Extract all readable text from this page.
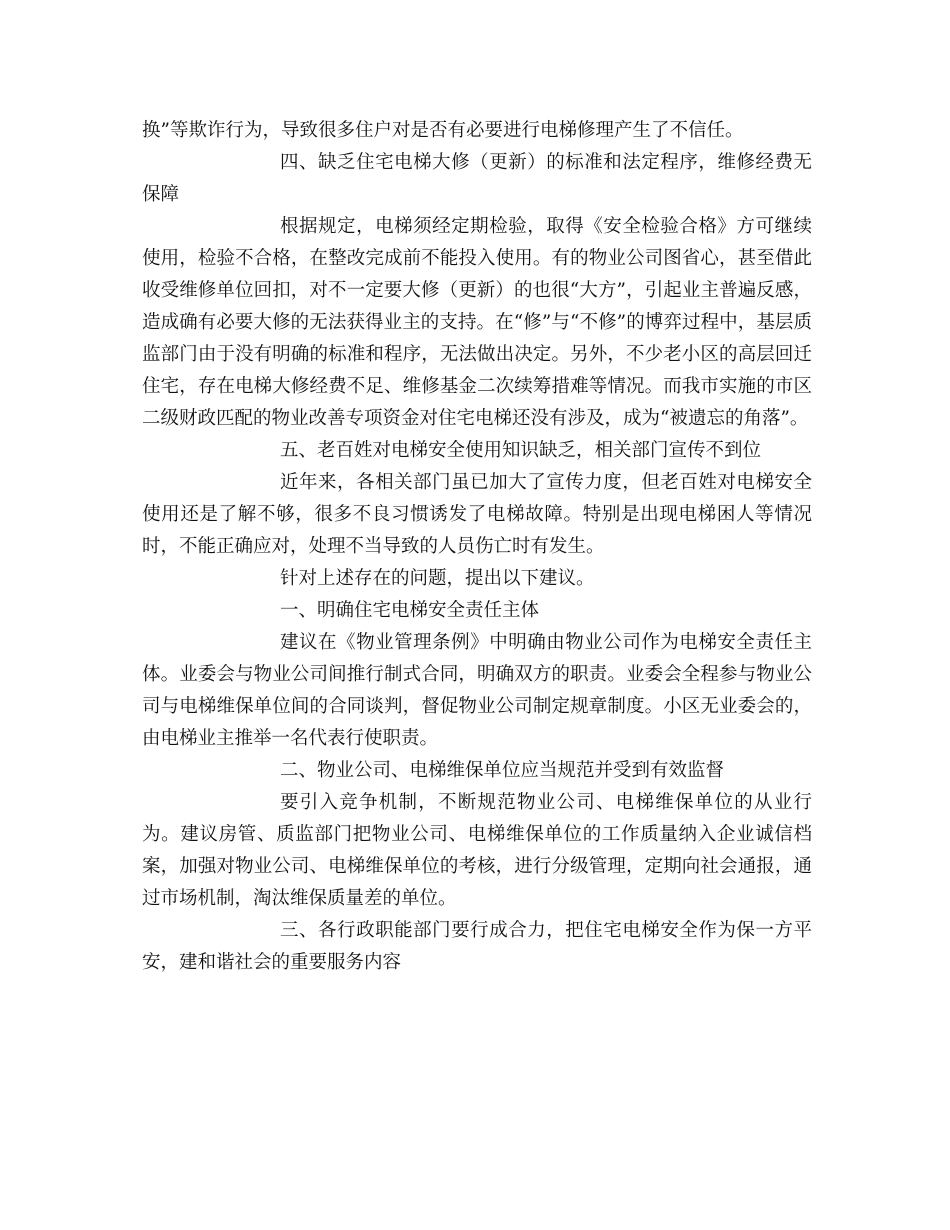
换”等欺诈行为，导致很多住户对是否有必要进行电梯修理产生了不信任。

四、缺乏住宅电梯大修（更新）的标准和法定程序，维修经费无保障

根据规定，电梯须经定期检验，取得《安全检验合格》方可继续使用，检验不合格，在整改完成前不能投入使用。有的物业公司图省心，甚至借此收受维修单位回扣，对不一定要大修（更新）的也很“大方”，引起业主普遍反感，造成确有必要大修的无法获得业主的支持。在“修”与“不修”的博弈过程中，基层质监部门由于没有明确的标准和程序，无法做出决定。另外，不少老小区的高层回迁住宅，存在电梯大修经费不足、维修基金二次续筹措难等情况。而我市实施的市区二级财政匹配的物业改善专项资金对住宅电梯还没有涉及，成为“被遗忘的角落”。

五、老百姓对电梯安全使用知识缺乏，相关部门宣传不到位

近年来，各相关部门虽已加大了宣传力度，但老百姓对电梯安全使用还是了解不够，很多不良习惯诱发了电梯故障。特别是出现电梯困人等情况时，不能正确应对，处理不当导致的人员伤亡时有发生。

针对上述存在的问题，提出以下建议。

一、明确住宅电梯安全责任主体

建议在《物业管理条例》中明确由物业公司作为电梯安全责任主体。业委会与物业公司间推行制式合同，明确双方的职责。业委会全程参与物业公司与电梯维保单位间的合同谈判，督促物业公司制定规章制度。小区无业委会的，由电梯业主推举一名代表行使职责。

二、物业公司、电梯维保单位应当规范并受到有效监督

要引入竞争机制，不断规范物业公司、电梯维保单位的从业行为。建议房管、质监部门把物业公司、电梯维保单位的工作质量纳入企业诚信档案，加强对物业公司、电梯维保单位的考核，进行分级管理，定期向社会通报，通过市场机制，淘汰维保质量差的单位。

三、各行政职能部门要行成合力，把住宅电梯安全作为保一方平安，建和谐社会的重要服务内容
